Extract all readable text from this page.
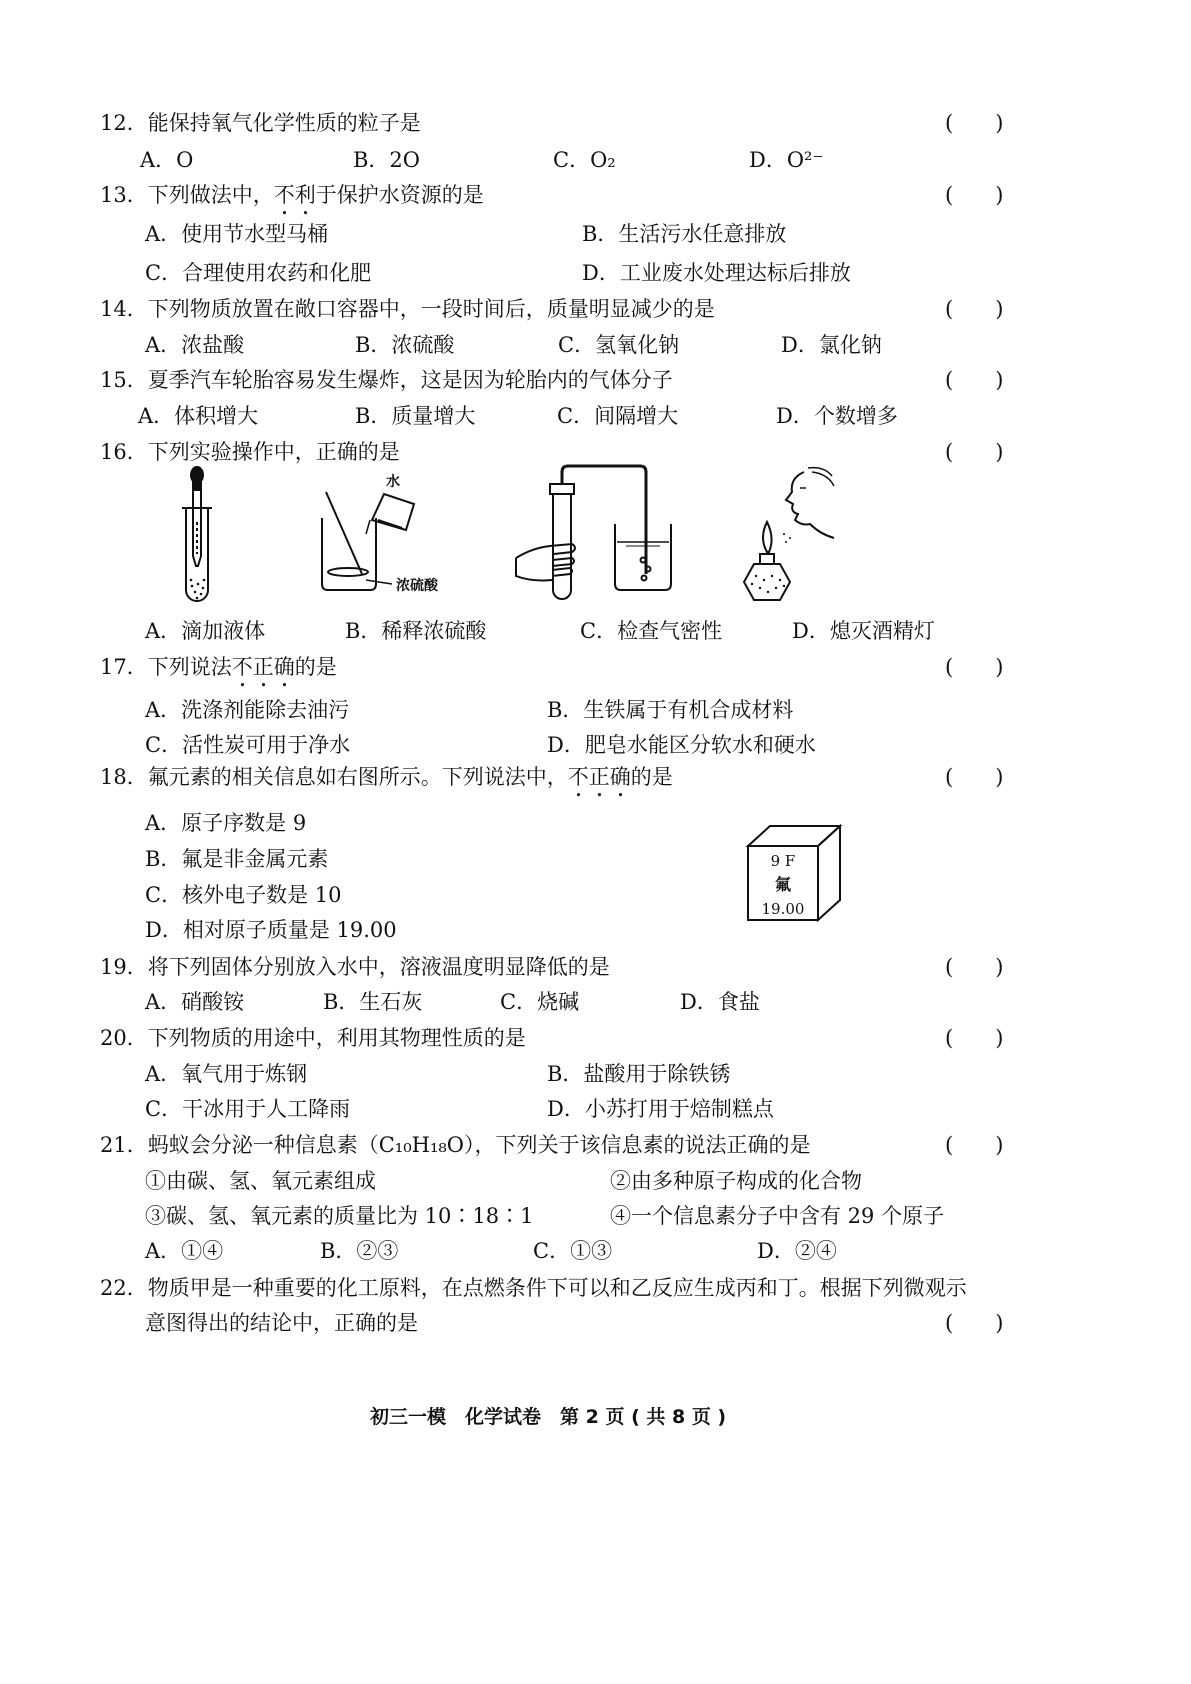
12．能保持氧气化学性质的粒子是	(　　)
A．O	B．2O	C．O₂	D．O²⁻
13．下列做法中，不利于保护水资源的是	(　　)
A．使用节水型马桶	B．生活污水任意排放
C．合理使用农药和化肥	D．工业废水处理达标后排放
14．下列物质放置在敞口容器中，一段时间后，质量明显减少的是	(　　)
A．浓盐酸	B．浓硫酸	C．氢氧化钠	D．氯化钠
15．夏季汽车轮胎容易发生爆炸，这是因为轮胎内的气体分子	(　　)
A．体积增大	B．质量增大	C．间隔增大	D．个数增多
16．下列实验操作中，正确的是	(　　)
水
浓硫酸
A．滴加液体	B．稀释浓硫酸	C．检查气密性	D．熄灭酒精灯
17．下列说法不正确的是	(　　)
A．洗涤剂能除去油污	B．生铁属于有机合成材料
C．活性炭可用于净水	D．肥皂水能区分软水和硬水
18．氟元素的相关信息如右图所示。下列说法中，不正确的是	(　　)
A．原子序数是 9
B．氟是非金属元素
C．核外电子数是 10
D．相对原子质量是 19.00
9 F
氟
19.00
19．将下列固体分别放入水中，溶液温度明显降低的是	(　　)
A．硝酸铵	B．生石灰	C．烧碱	D．食盐
20．下列物质的用途中，利用其物理性质的是	(　　)
A．氧气用于炼钢	B．盐酸用于除铁锈
C．干冰用于人工降雨	D．小苏打用于焙制糕点
21．蚂蚁会分泌一种信息素（C₁₀H₁₈O），下列关于该信息素的说法正确的是	(　　)
①由碳、氢、氧元素组成	②由多种原子构成的化合物
③碳、氢、氧元素的质量比为 10∶18∶1	④一个信息素分子中含有 29 个原子
A．①④	B．②③	C．①③	D．②④
22．物质甲是一种重要的化工原料，在点燃条件下可以和乙反应生成丙和丁。根据下列微观示
意图得出的结论中，正确的是	(　　)
初三一模　化学试卷　第 2 页 ( 共 8 页 )
